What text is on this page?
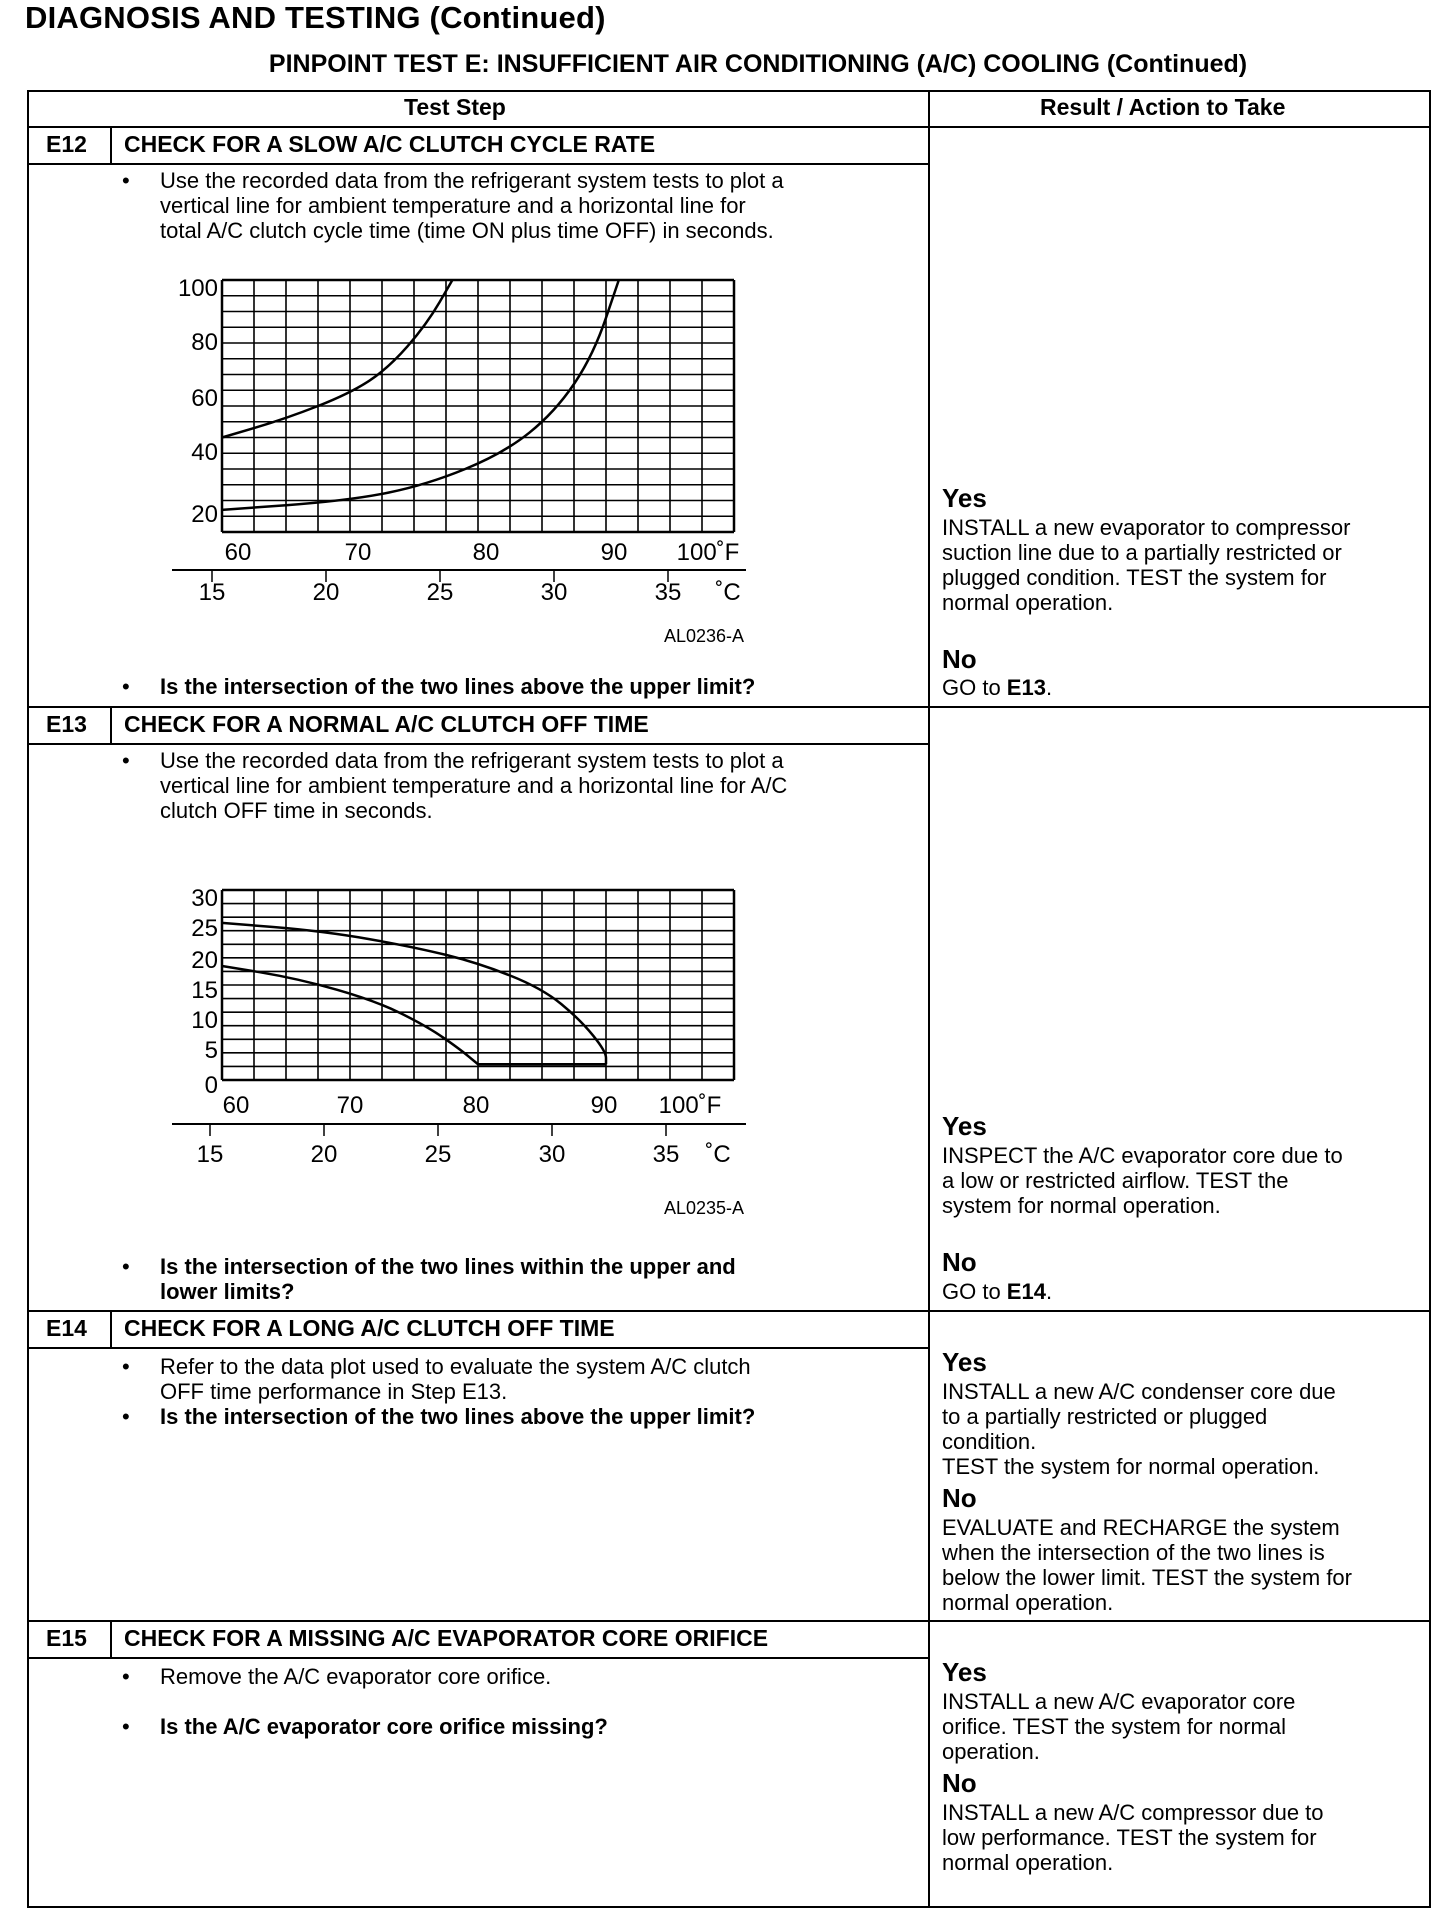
DIAGNOSIS AND TESTING (Continued)
PINPOINT TEST E: INSUFFICIENT AIR CONDITIONING (A/C) COOLING (Continued)
Test Step	Result / Action to Take
E12 CHECK FOR A SLOW A/C CLUTCH CYCLE RATE
• Use the recorded data from the refrigerant system tests to plot a
vertical line for ambient temperature and a horizontal line for
total A/C clutch cycle time (time ON plus time OFF) in seconds.
100
80
60
40
20
60	70	80	90 100˚F
15	20	25	30	35 ˚C
AL0236-A
• Is the intersection of the two lines above the upper limit?
Yes
INSTALL a new evaporator to compressor
suction line due to a partially restricted or
plugged condition. TEST the system for
normal operation.
No
GO to E13.
E13 CHECK FOR A NORMAL A/C CLUTCH OFF TIME
• Use the recorded data from the refrigerant system tests to plot a
vertical line for ambient temperature and a horizontal line for A/C
clutch OFF time in seconds.
30
25
20
15
10
5
0
60	70	80	90 100˚F
15	20	25	30	35 ˚C
AL0235-A
• Is the intersection of the two lines within the upper and
lower limits?
Yes
INSPECT the A/C evaporator core due to
a low or restricted airflow. TEST the
system for normal operation.
No
GO to E14.
E14 CHECK FOR A LONG A/C CLUTCH OFF TIME
• Refer to the data plot used to evaluate the system A/C clutch
OFF time performance in Step E13.
• Is the intersection of the two lines above the upper limit?
Yes
INSTALL a new A/C condenser core due
to a partially restricted or plugged
condition.
TEST the system for normal operation.
No
EVALUATE and RECHARGE the system
when the intersection of the two lines is
below the lower limit. TEST the system for
normal operation.
E15 CHECK FOR A MISSING A/C EVAPORATOR CORE ORIFICE
• Remove the A/C evaporator core orifice.
• Is the A/C evaporator core orifice missing?
Yes
INSTALL a new A/C evaporator core
orifice. TEST the system for normal
operation.
No
INSTALL a new A/C compressor due to
low performance. TEST the system for
normal operation.
